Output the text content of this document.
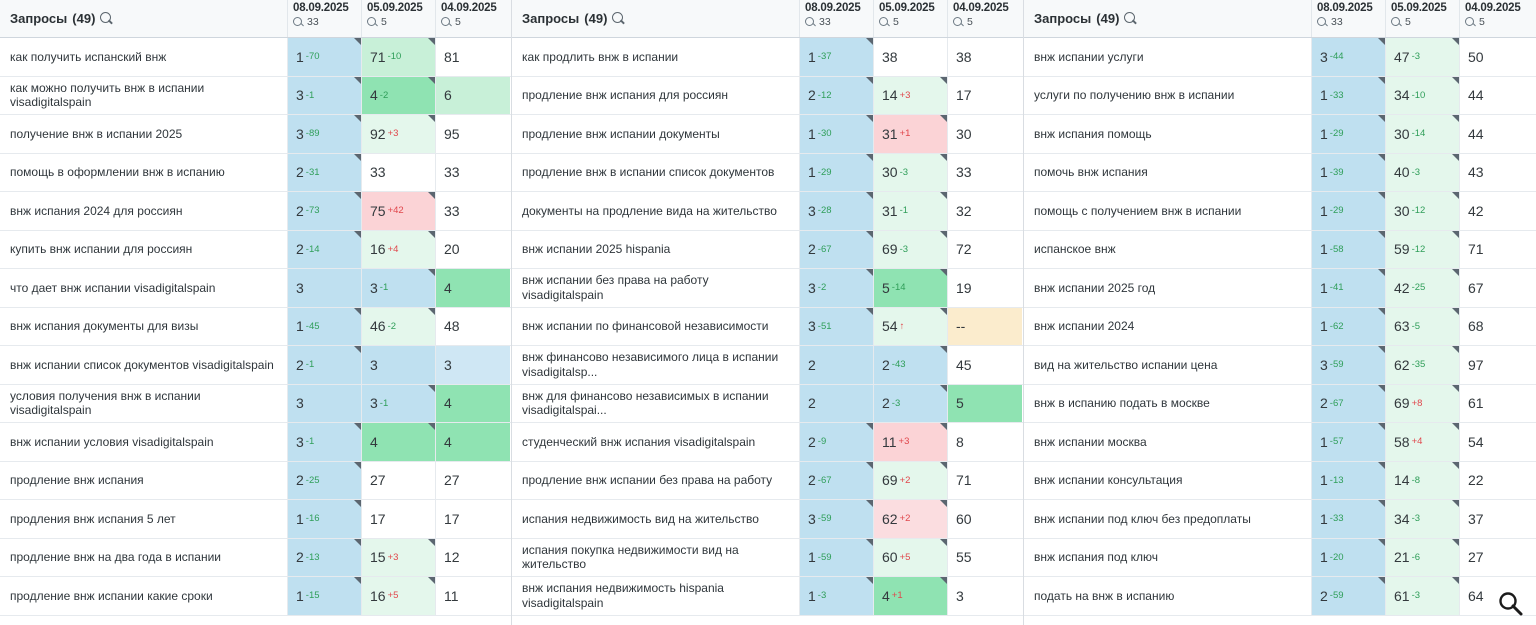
Запросы (49)
08.09.2025
33
05.09.2025
5
04.09.2025
5
как получить испанский внж	1 -70	71 -10	81
как можно получить внж в испании visadigitalspain	3 -1	4 -2	6
получение внж в испании 2025	3 -89	92 +3	95
помощь в оформлении внж в испанию	2 -31	33	33
внж испания 2024 для россиян	2 -73	75 +42	33
купить внж испании для россиян	2 -14	16 +4	20
что дает внж испании visadigitalspain	3	3 -1	4
внж испания документы для визы	1 -45	46 -2	48
внж испании список документов visadigitalspain	2 -1	3	3
условия получения внж в испании visadigitalspain	3	3 -1	4
внж испании условия visadigitalspain	3 -1	4	4
продление внж испания	2 -25	27	27
продления внж испания 5 лет	1 -16	17	17
продление внж на два года в испании	2 -13	15 +3	12
продление внж испании какие сроки	1 -15	16 +5	11
Запросы (49)
08.09.2025
33
05.09.2025
5
04.09.2025
5
как продлить внж в испании	1 -37	38	38
продление внж испания для россиян	2 -12	14 +3	17
продление внж испании документы	1 -30	31 +1	30
продление внж в испании список документов	1 -29	30 -3	33
документы на продление вида на жительство	3 -28	31 -1	32
внж испании 2025 hispania	2 -67	69 -3	72
внж испании без права на работу visadigitalspain	3 -2	5 -14	19
внж испании по финансовой независимости	3 -51	54 ↑	--
внж финансово независимого лица в испании visadigitalsp...	2	2 -43	45
внж для финансово независимых в испании visadigitalspai...	2	2 -3	5
студенческий внж испания visadigitalspain	2 -9	11 +3	8
продление внж испании без права на работу	2 -67	69 +2	71
испания недвижимость вид на жительство	3 -59	62 +2	60
испания покупка недвижимости вид на жительство	1 -59	60 +5	55
внж испания недвижимость hispania visadigitalspain	1 -3	4 +1	3
Запросы (49)
08.09.2025
33
05.09.2025
5
04.09.2025
5
внж испании услуги	3 -44	47 -3	50
услуги по получению внж в испании	1 -33	34 -10	44
внж испания помощь	1 -29	30 -14	44
помочь внж испания	1 -39	40 -3	43
помощь с получением внж в испании	1 -29	30 -12	42
испанское внж	1 -58	59 -12	71
внж испании 2025 год	1 -41	42 -25	67
внж испании 2024	1 -62	63 -5	68
вид на жительство испании цена	3 -59	62 -35	97
внж в испанию подать в москве	2 -67	69 +8	61
внж испании москва	1 -57	58 +4	54
внж испании консультация	1 -13	14 -8	22
внж испании под ключ без предоплаты	1 -33	34 -3	37
внж испания под ключ	1 -20	21 -6	27
подать на внж в испанию	2 -59	61 -3	64
